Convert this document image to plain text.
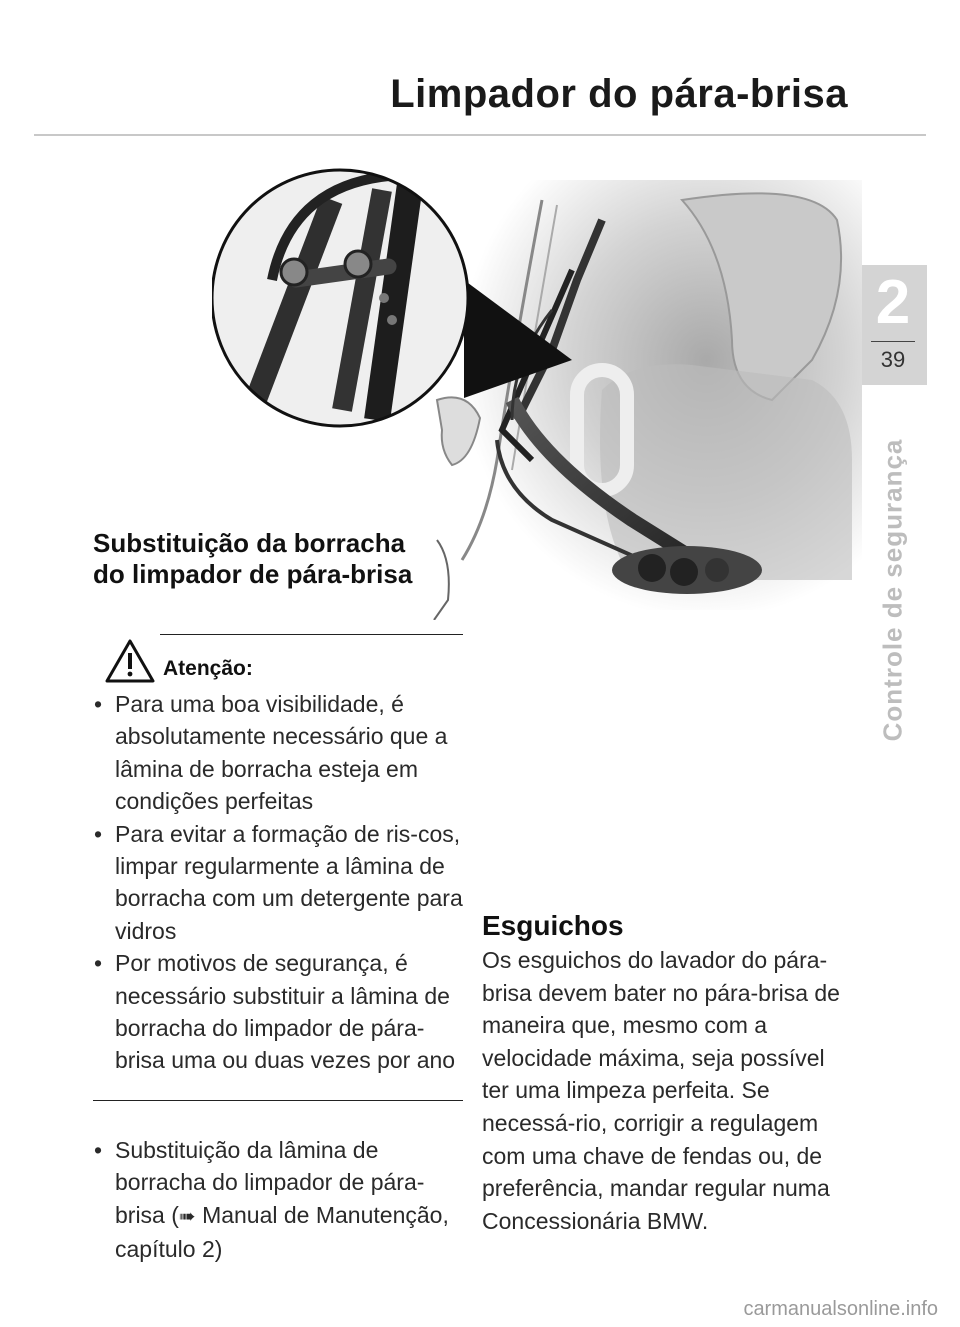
Limpador do pára-brisa
2
39
Controle de segurança
Substituição da borracha
do limpador de pára-brisa
Atenção:
• Para uma boa visibilidade, é absolutamente necessário que a lâmina de borracha esteja em condições perfeitas
• Para evitar a formação de ris-cos, limpar regularmente a lâmina de borracha com um detergente para vidros
• Por motivos de segurança, é necessário substituir a lâmina de borracha do limpador de pára-brisa uma ou duas vezes por ano
• Substituição da lâmina de borracha do limpador de pára-brisa (➠ Manual de Manutenção, capítulo 2)
Esguichos
Os esguichos do lavador do pára-brisa devem bater no pára-brisa de maneira que, mesmo com a velocidade máxima, seja possível ter uma limpeza perfeita. Se necessá-rio, corrigir a regulagem com uma chave de fendas ou, de preferência, mandar regular numa Concessionária BMW.
carmanualsonline.info
